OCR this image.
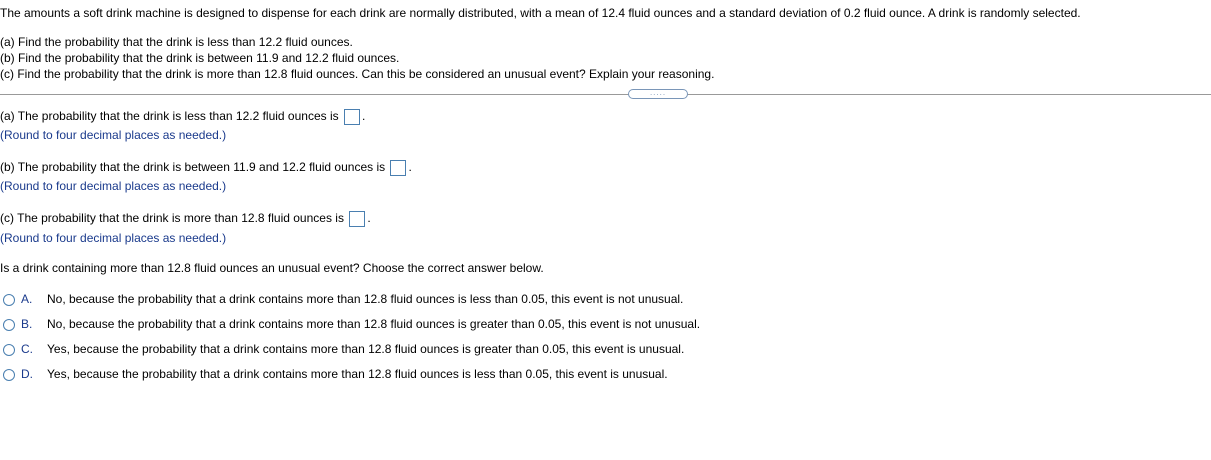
The amounts a soft drink machine is designed to dispense for each drink are normally distributed, with a mean of 12.4 fluid ounces and a standard deviation of 0.2 fluid ounce. A drink is randomly selected.
(a) Find the probability that the drink is less than 12.2 fluid ounces.
(b) Find the probability that the drink is between 11.9 and 12.2 fluid ounces.
(c) Find the probability that the drink is more than 12.8 fluid ounces. Can this be considered an unusual event? Explain your reasoning.
.....
(a) The probability that the drink is less than 12.2 fluid ounces is .
(Round to four decimal places as needed.)
(b) The probability that the drink is between 11.9 and 12.2 fluid ounces is .
(Round to four decimal places as needed.)
(c) The probability that the drink is more than 12.8 fluid ounces is .
(Round to four decimal places as needed.)
Is a drink containing more than 12.8 fluid ounces an unusual event? Choose the correct answer below.
A.	No, because the probability that a drink contains more than 12.8 fluid ounces is less than 0.05, this event is not unusual.
B.	No, because the probability that a drink contains more than 12.8 fluid ounces is greater than 0.05, this event is not unusual.
C.	Yes, because the probability that a drink contains more than 12.8 fluid ounces is greater than 0.05, this event is unusual.
D.	Yes, because the probability that a drink contains more than 12.8 fluid ounces is less than 0.05, this event is unusual.
